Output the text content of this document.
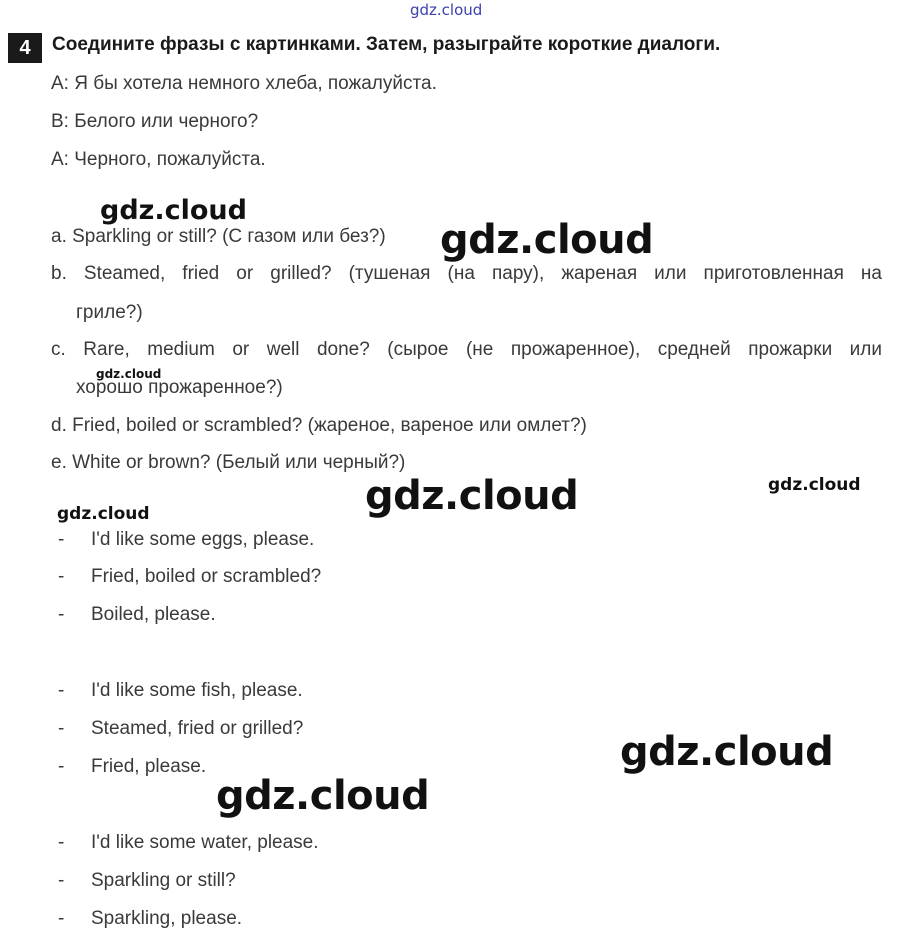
gdz.cloud
gdz.cloud
gdz.cloud
gdz.cloud
gdz.cloud	gdz.cloud
gdz.cloud
gdz.cloud
gdz.cloud
4	Соедините фразы с картинками. Затем, разыграйте короткие диалоги.
A: Я бы хотела немного хлеба, пожалуйста.
B: Белого или черного?
A: Черного, пожалуйста.
a. Sparkling or still? (С газом или без?)
b. Steamed, fried or grilled? (тушеная (на пару), жареная или приготовленная на
гриле?)
c. Rare, medium or well done? (сырое (не прожаренное), средней прожарки или
хорошо прожаренное?)
d. Fried, boiled or scrambled? (жареное, вареное или омлет?)
e. White or brown? (Белый или черный?)
- I'd like some eggs, please.
- Fried, boiled or scrambled?
- Boiled, please.
- I'd like some fish, please.
- Steamed, fried or grilled?
- Fried, please.
- I'd like some water, please.
- Sparkling or still?
- Sparkling, please.
